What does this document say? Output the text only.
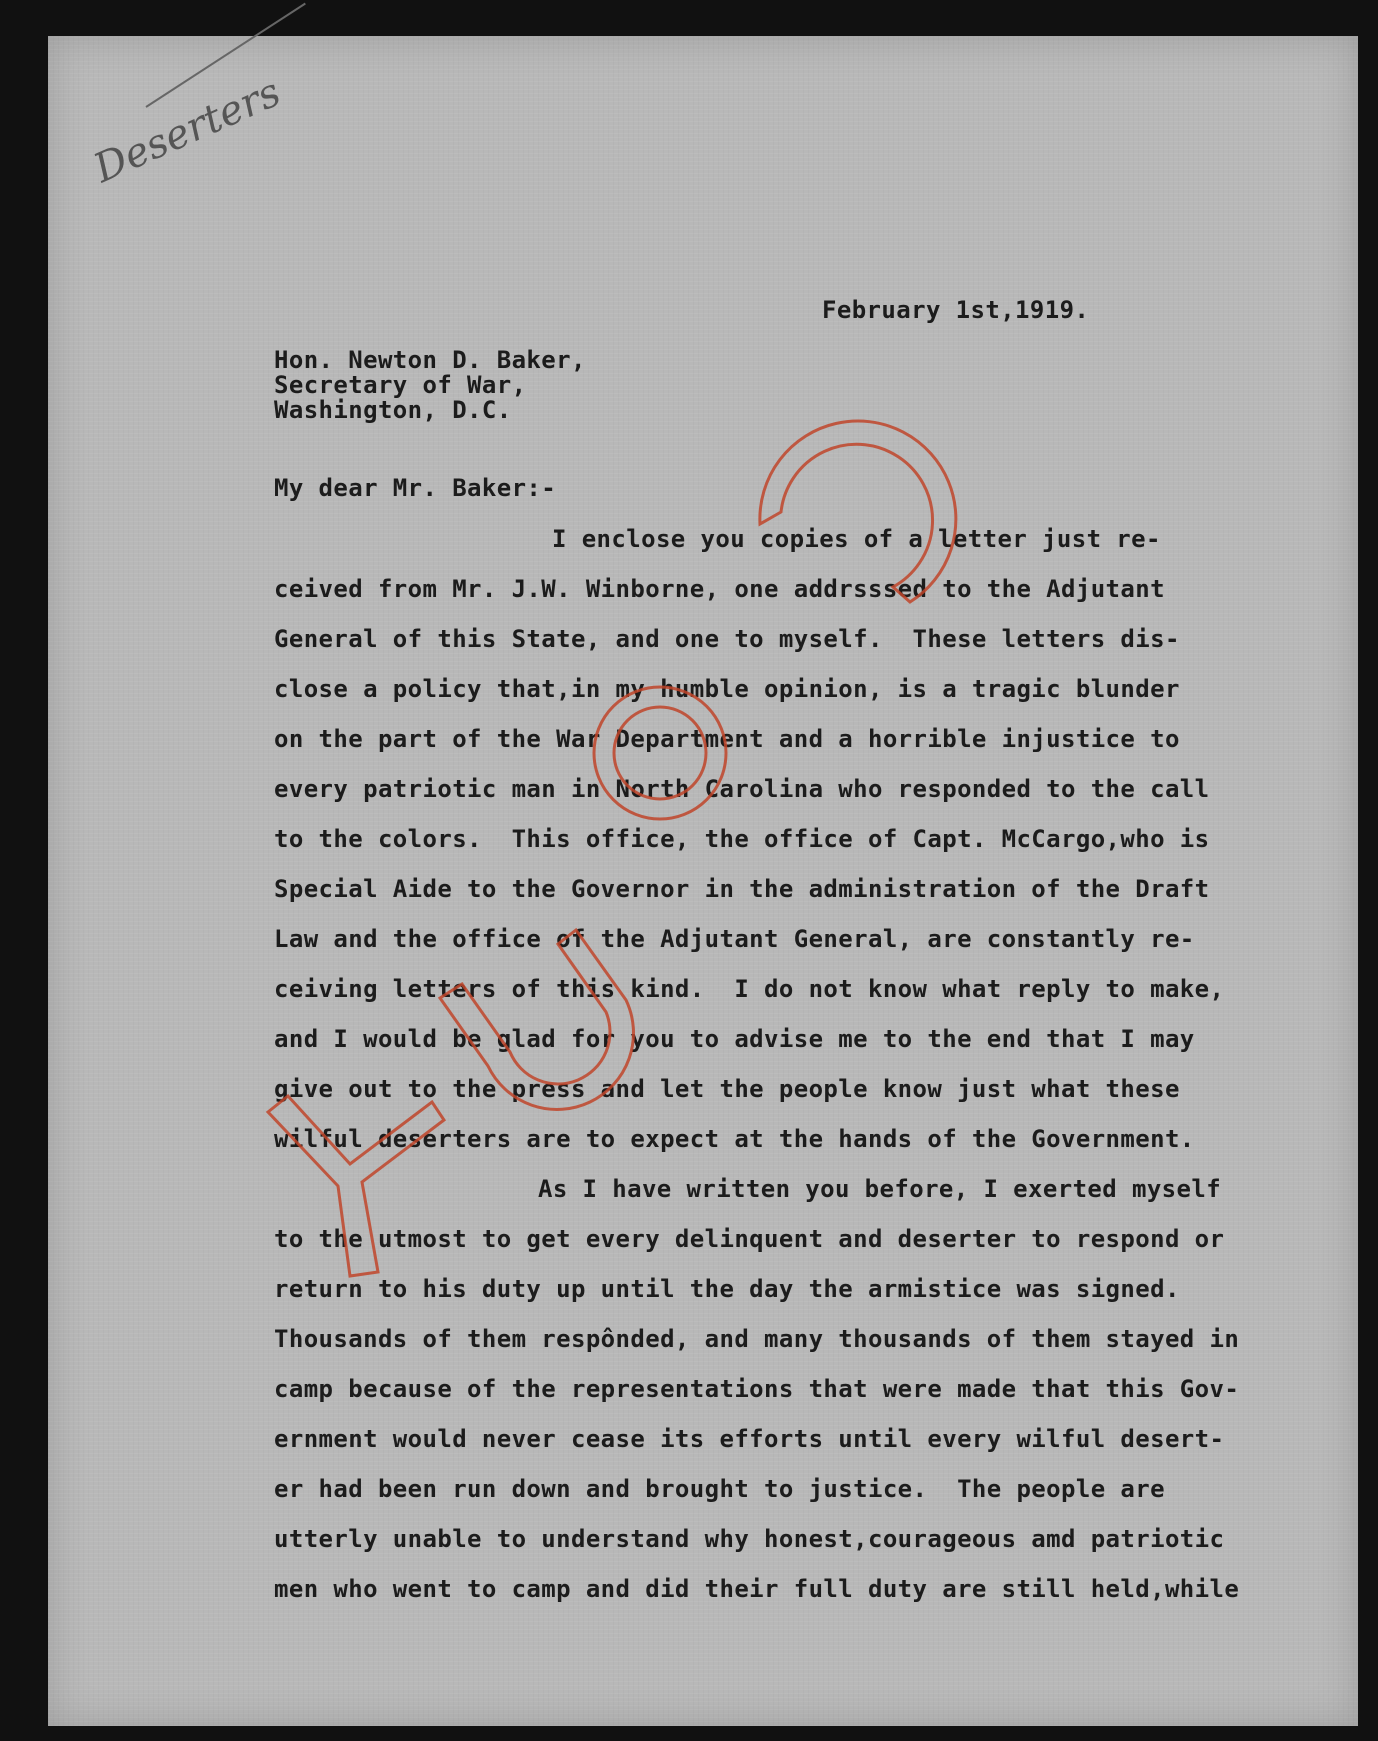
Deserters
February 1st,1919.
Hon. Newton D. Baker,
Secretary of War,
Washington, D.C.
My dear Mr. Baker:-
I enclose you copies of a letter just re-
ceived from Mr. J.W. Winborne, one addrsssed to the Adjutant
General of this State, and one to myself.  These letters dis-
close a policy that,in my humble opinion, is a tragic blunder
on the part of the War Department and a horrible injustice to
every patriotic man in North Carolina who responded to the call
to the colors.  This office, the office of Capt. McCargo,who is
Special Aide to the Governor in the administration of the Draft
Law and the office of the Adjutant General, are constantly re-
ceiving letters of this kind.  I do not know what reply to make,
and I would be glad for you to advise me to the end that I may
give out to the press and let the people know just what these
wilful deserters are to expect at the hands of the Government.
As I have written you before, I exerted myself
to the utmost to get every delinquent and deserter to respond or
return to his duty up until the day the armistice was signed.
Thousands of them respônded, and many thousands of them stayed in
camp because of the representations that were made that this Gov-
ernment would never cease its efforts until every wilful desert-
er had been run down and brought to justice.  The people are
utterly unable to understand why honest,courageous amd patriotic
men who went to camp and did their full duty are still held,while
